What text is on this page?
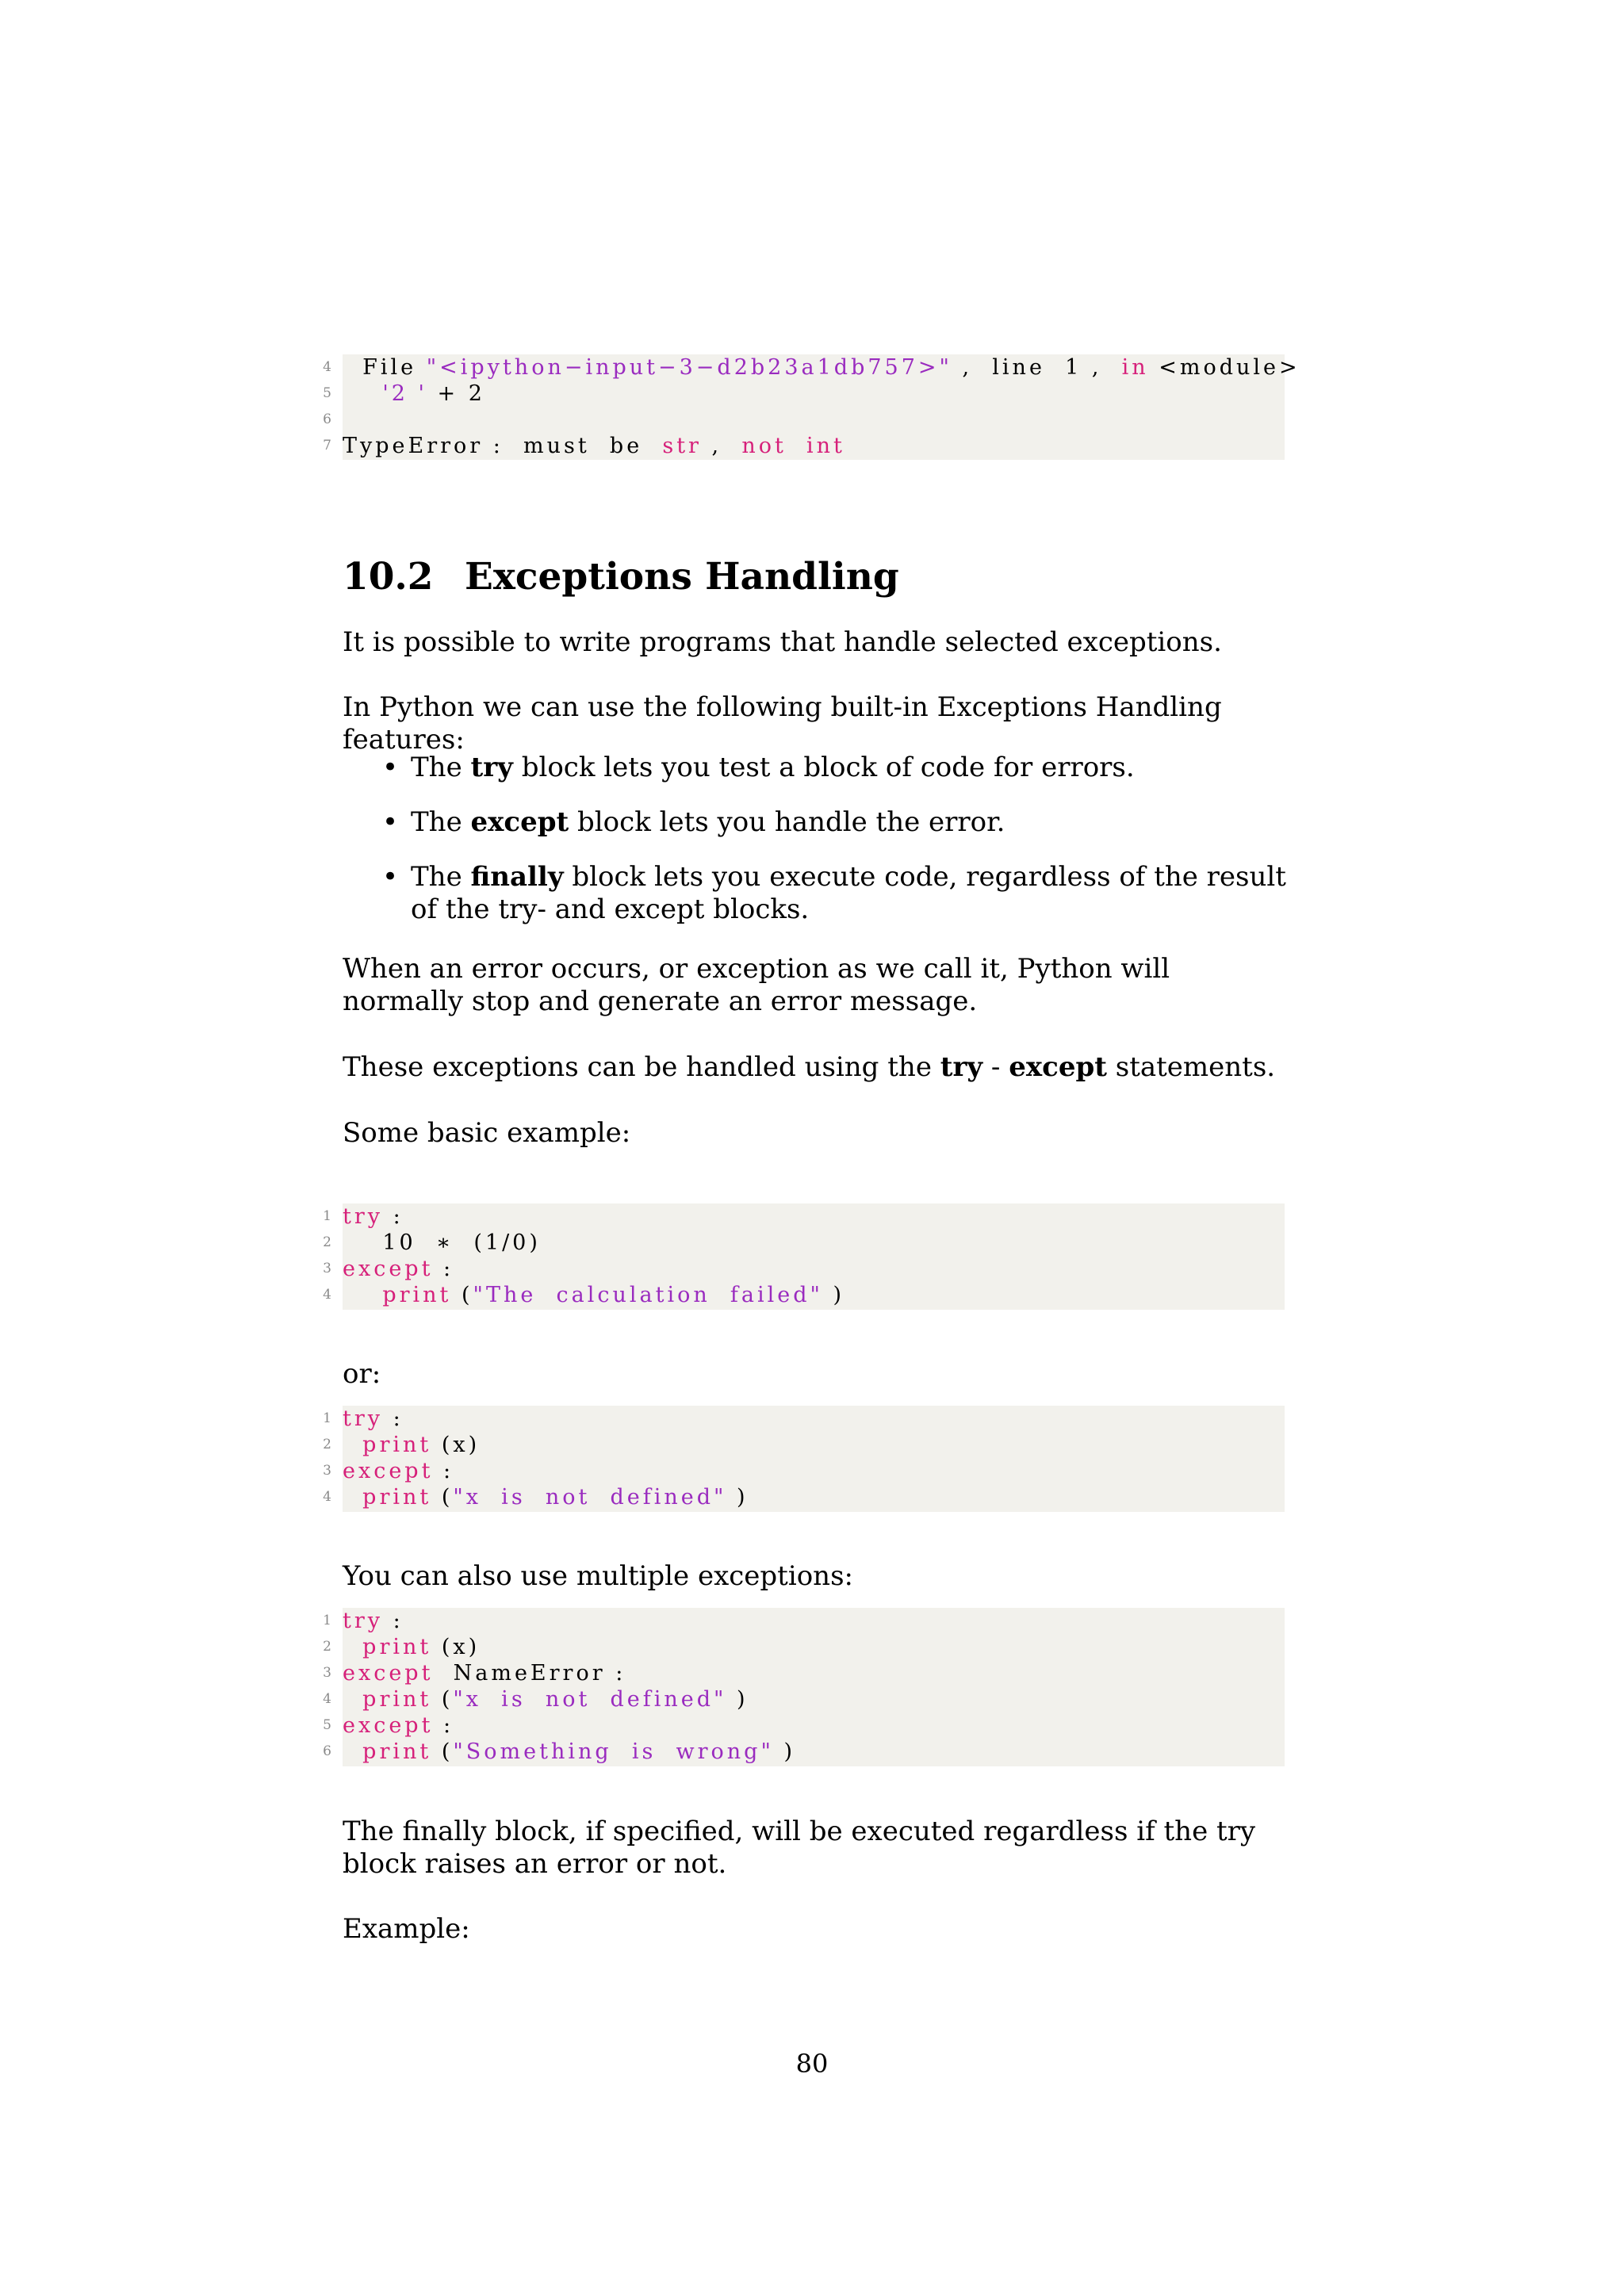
4 File "<ipython−input−3−d2b23a1db757>" ,  line  1 ,  in <module>
5	'2 ' + 2
6
7 TypeError :  must  be  str ,  not int
10.2 Exceptions Handling
It is possible to write programs that handle selected exceptions.
In Python we can use the following built-in Exceptions Handling features:
• The try block lets you test a block of code for errors.
• The except block lets you handle the error.
• The finally block lets you execute code, regardless of the result of the try- and except blocks.
When an error occurs, or exception as we call it, Python will normally stop and generate an error message.
These exceptions can be handled using the try - except statements.
Some basic example:
1 try :
2 10  ∗  (1/0)
3 except :
4	print ("The  calculation  failed" )
or:
1 try :
2	print (x)
3 except :
4	print ("x  is  not  defined" )
You can also use multiple exceptions:
1 try :
2	print (x)
3 except  NameError :
4	print ("x  is  not  defined" )
5 except :
6	print ("Something  is  wrong" )
The finally block, if specified, will be executed regardless if the try block raises an error or not.
Example:
80
